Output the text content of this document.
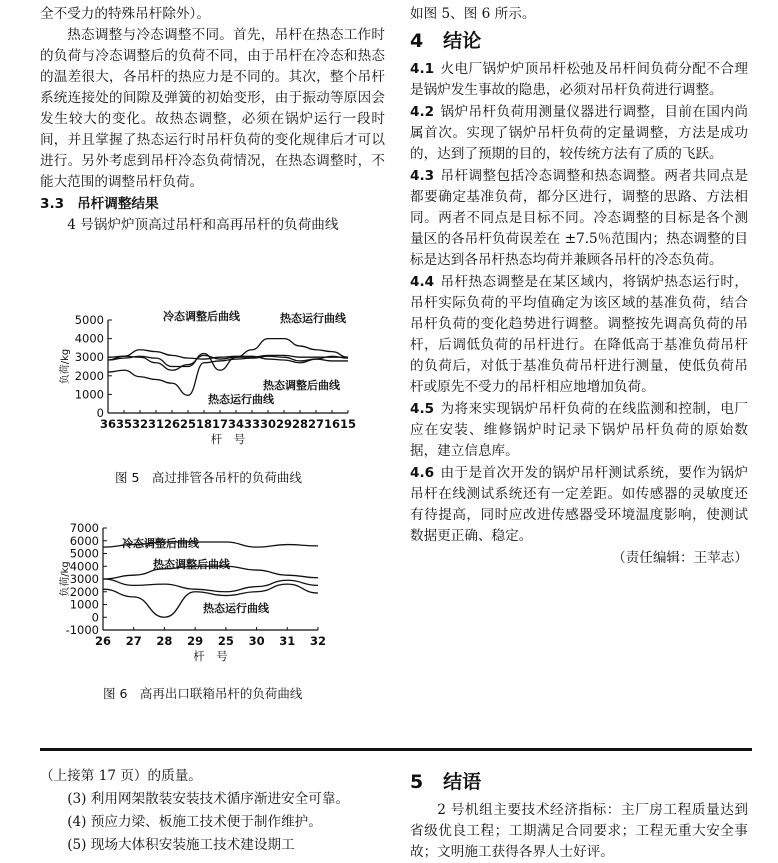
全不受力的特殊吊杆除外）。

热态调整与冷态调整不同。首先，吊杆在热态工作时的负荷与冷态调整后的负荷不同，由于吊杆在冷态和热态的温差很大，各吊杆的热应力是不同的。其次，整个吊杆系统连接处的间隙及弹簧的初始变形，由于振动等原因会发生较大的变化。故热态调整，必须在锅炉运行一段时间，并且掌握了热态运行时吊杆负荷的变化规律后才可以进行。另外考虑到吊杆冷态负荷情况，在热态调整时，不能大范围的调整吊杆负荷。

3.3 吊杆调整结果

4 号锅炉炉顶高过吊杆和高再吊杆的负荷曲线

0
1000
2000
3000
4000
5000
36 35 32 31 26 25 18 17 34 33 30 29 28 27 16 15
负荷/kg
杆　号
冷态调整后曲线	热态运行曲线
热态调整后曲线
热态运行曲线
图 5　高过排管各吊杆的负荷曲线
-1000
0
1000
2000
3000
4000
5000
6000
7000
26 27 28 29 25 30 31 32
负荷/kg
杆　号
冷态调整后曲线
热态调整后曲线
热态运行曲线
图 6　高再出口联箱吊杆的负荷曲线

如图 5、图 6 所示。

4 结论

4.1 火电厂锅炉炉顶吊杆松弛及吊杆间负荷分配不合理是锅炉发生事故的隐患，必须对吊杆负荷进行调整。

4.2 锅炉吊杆负荷用测量仪器进行调整，目前在国内尚属首次。实现了锅炉吊杆负荷的定量调整，方法是成功的，达到了预期的目的，较传统方法有了质的飞跃。

4.3 吊杆调整包括冷态调整和热态调整。两者共同点是都要确定基准负荷，都分区进行，调整的思路、方法相同。两者不同点是目标不同。冷态调整的目标是各个测量区的各吊杆负荷误差在 ±7.5％范围内；热态调整的目标是达到各吊杆热态均荷并兼顾各吊杆的冷态负荷。

4.4 吊杆热态调整是在某区域内，将锅炉热态运行时，吊杆实际负荷的平均值确定为该区域的基准负荷，结合吊杆负荷的变化趋势进行调整。调整按先调高负荷的吊杆，后调低负荷的吊杆进行。在降低高于基准负荷吊杆的负荷后，对低于基准负荷吊杆进行测量，使低负荷吊杆或原先不受力的吊杆相应地增加负荷。

4.5 为将来实现锅炉吊杆负荷的在线监测和控制，电厂应在安装、维修锅炉时记录下锅炉吊杆负荷的原始数据，建立信息库。

4.6 由于是首次开发的锅炉吊杆测试系统，要作为锅炉吊杆在线测试系统还有一定差距。如传感器的灵敏度还有待提高，同时应改进传感器受环境温度影响，使测试数据更正确、稳定。

（责任编辑：王苹志）

（上接第 17 页）的质量。

(3) 利用网架散装安装技术循序渐进安全可靠。

(4) 预应力梁、板施工技术便于制作维护。

(5) 现场大体积安装施工技术建设期工

5 结语

2 号机组主要技术经济指标：主厂房工程质量达到省级优良工程；工期满足合同要求；工程无重大安全事故；文明施工获得各界人士好评。
